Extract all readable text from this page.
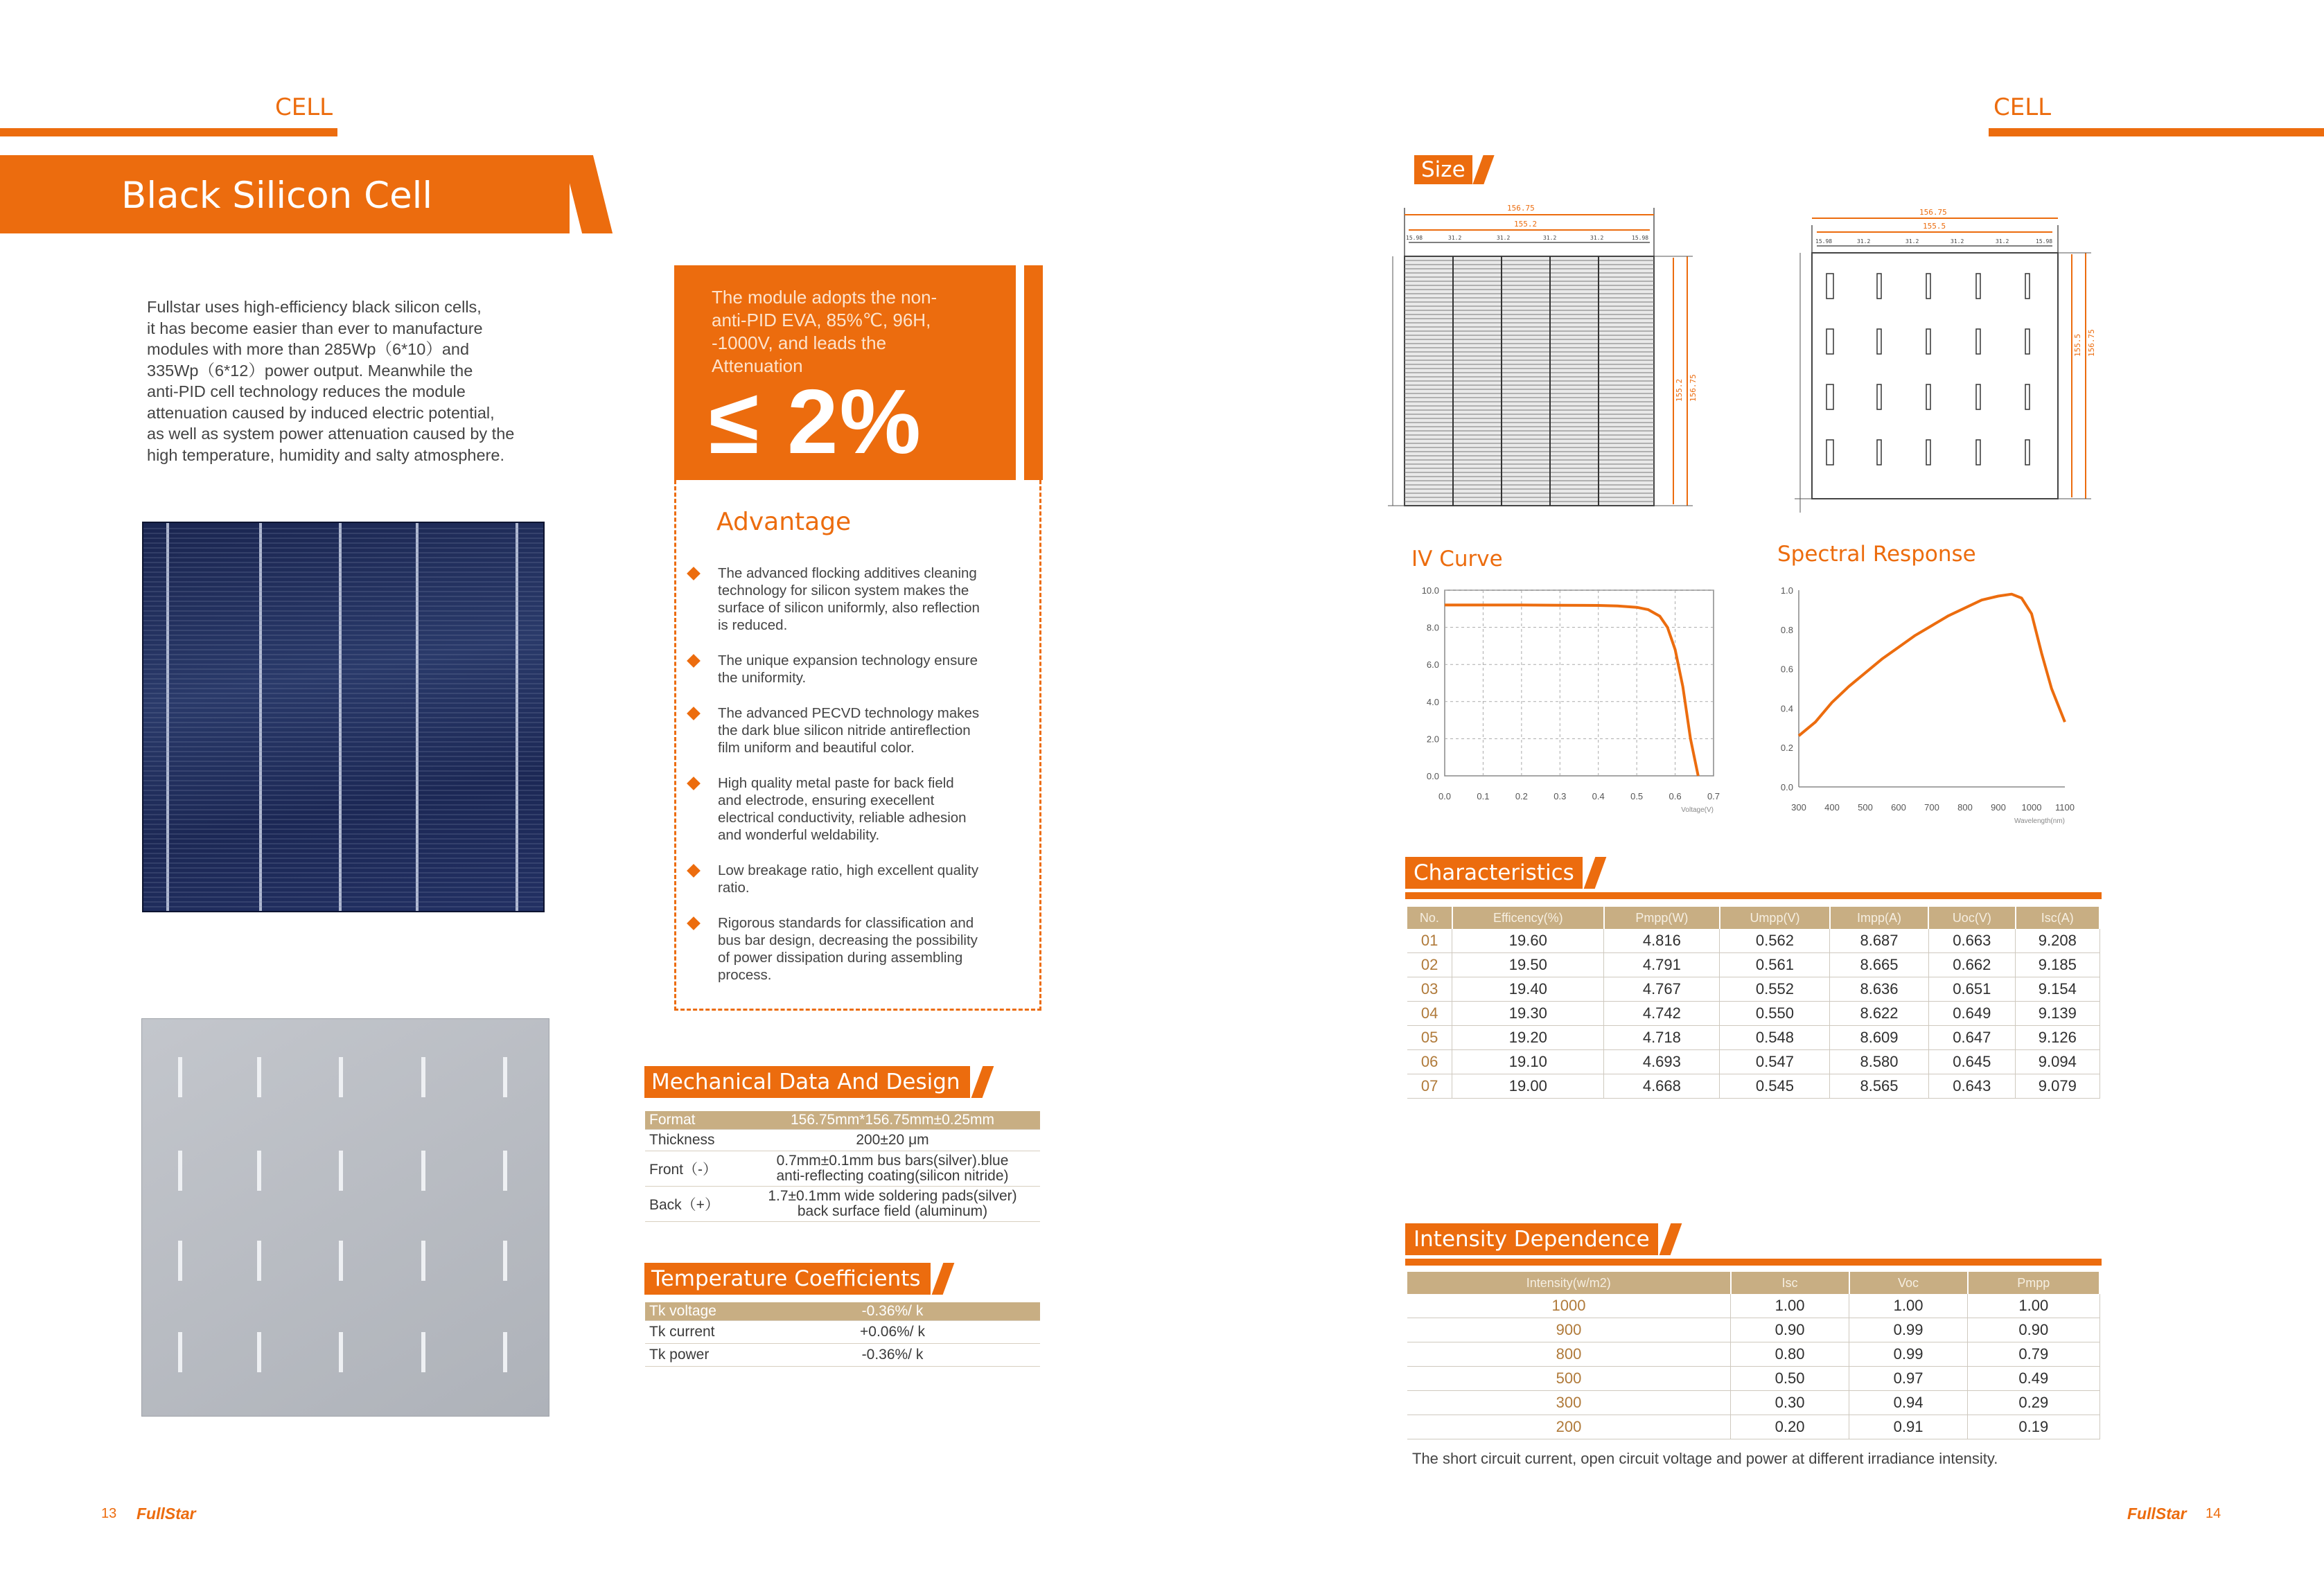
CELL
Black Silicon Cell
Fullstar uses high-efficiency black silicon cells,
it has become easier than ever to manufacture
modules with more than 285Wp（6*10）and
335Wp（6*12）power output. Meanwhile the
anti-PID cell technology reduces the module
attenuation caused by induced electric potential,
as well as system power attenuation caused by the
high temperature, humidity and salty atmosphere.
The module adopts the non-
anti-PID EVA, 85%℃, 96H,
-1000V, and leads the
Attenuation
≤ 2%
Advantage
The advanced flocking additives cleaning
technology for silicon system makes the
surface of silicon uniformly, also reflection
is reduced.
The unique expansion technology ensure
the uniformity.
The advanced PECVD technology makes
the dark blue silicon nitride antireflection
film uniform and beautiful color.
High quality metal paste for back field
and electrode, ensuring execellent
electrical conductivity, reliable adhesion
and wonderful weldability.
Low breakage ratio, high excellent quality
ratio.
Rigorous standards for classification and
bus bar design, decreasing the possibility
of power dissipation during assembling
process.
Mechanical Data And Design
Format	156.75mm*156.75mm±0.25mm
Thickness	200±20 μm
Front（-）	0.7mm±0.1mm bus bars(silver).blue
anti-reflecting coating(silicon nitride)

Back（+）	1.7±0.1mm wide soldering pads(silver)
back surface field (aluminum)
Temperature Coefficients
Tk voltage	-0.36%/ k
Tk current	+0.06%/ k
Tk power	-0.36%/ k
13 FullStar
CELL
Size
156.75
155.2
15.98	31.2	31.2	31.2	31.2	15.98
155.2 156.75
156.75
155.5
15.98	31.2	31.2	31.2	31.2	15.98
155.5 156.75
IV Curve
0.0	0.1	0.2	0.3	0.4	0.5	0.6	0.7
0.0
2.0
4.0
6.0
8.0
10.0
Voltage(V)
Spectral Response
300 400 500 600 700 800 900 1000 1100
0.0
0.2
0.4
0.6
0.8
1.0
Wavelength(nm)
Characteristics
No.	Efficency(%)	Pmpp(W)	Umpp(V)	Impp(A)	Uoc(V)	Isc(A)
01	19.60	4.816	0.562	8.687	0.663	9.208
02	19.50	4.791	0.561	8.665	0.662	9.185
03	19.40	4.767	0.552	8.636	0.651	9.154
04	19.30	4.742	0.550	8.622	0.649	9.139
05	19.20	4.718	0.548	8.609	0.647	9.126
06	19.10	4.693	0.547	8.580	0.645	9.094
07	19.00	4.668	0.545	8.565	0.643	9.079
Intensity Dependence
Intensity(w/m2)	Isc	Voc	Pmpp
1000	1.00	1.00	1.00
900	0.90	0.99	0.90
800	0.80	0.99	0.79
500	0.50	0.97	0.49
300	0.30	0.94	0.29
200	0.20	0.91	0.19
The short circuit current, open circuit voltage and power at different irradiance intensity.
FullStar 14
